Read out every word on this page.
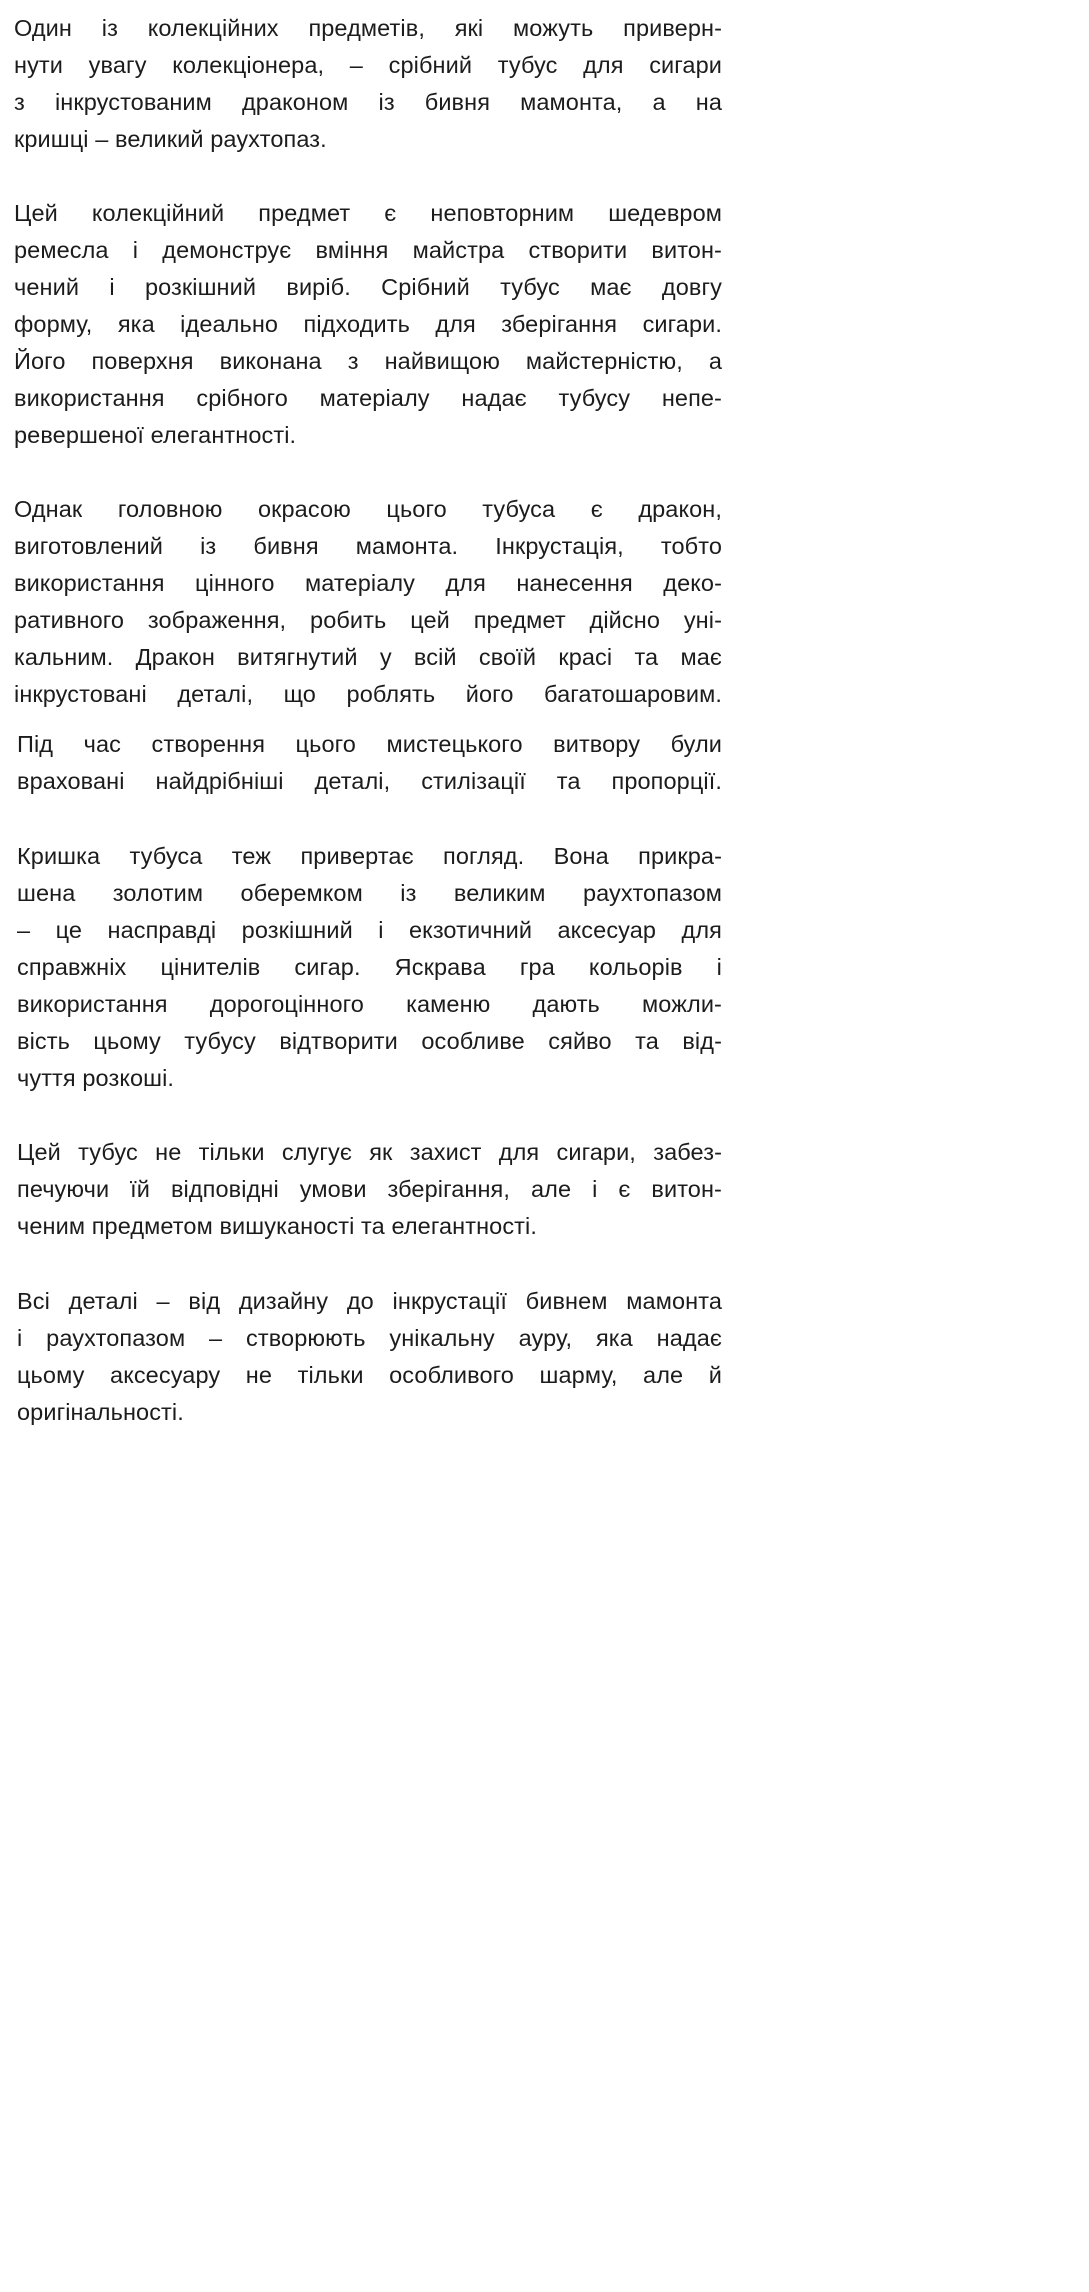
Один із колекційних предметів, які можуть приверн-
нути увагу колекціонера, – срібний тубус для сигари
з інкрустованим драконом із бивня мамонта, а на
кришці – великий раухтопаз.

Цей колекційний предмет є неповторним шедевром
ремесла і демонструє вміння майстра створити витон-
чений і розкішний виріб. Срібний тубус має довгу
форму, яка ідеально підходить для зберігання сигари.
Його поверхня виконана з найвищою майстерністю, а
використання срібного матеріалу надає тубусу непе-
ревершеної елегантності.

Однак головною окрасою цього тубуса є дракон,
виготовлений із бивня мамонта. Інкрустація, тобто
використання цінного матеріалу для нанесення деко-
ративного зображення, робить цей предмет дійсно уні-
кальним. Дракон витягнутий у всій своїй красі та має
інкрустовані деталі, що роблять його багатошаровим.

Під час створення цього мистецького витвору були
враховані найдрібніші деталі, стилізації та пропорції.

Кришка тубуса теж привертає погляд. Вона прикра-
шена золотим оберемком із великим раухтопазом
– це насправді розкішний і екзотичний аксесуар для
справжніх цінителів сигар. Яскрава гра кольорів і
використання дорогоцінного каменю дають можли-
вість цьому тубусу відтворити особливе сяйво та від-
чуття розкоші.

Цей тубус не тільки слугує як захист для сигари, забез-
печуючи їй відповідні умови зберігання, але і є витон-
ченим предметом вишуканості та елегантності.

Всі деталі – від дизайну до інкрустації бивнем мамонта
і раухтопазом – створюють унікальну ауру, яка надає
цьому аксесуару не тільки особливого шарму, але й
оригінальності.
